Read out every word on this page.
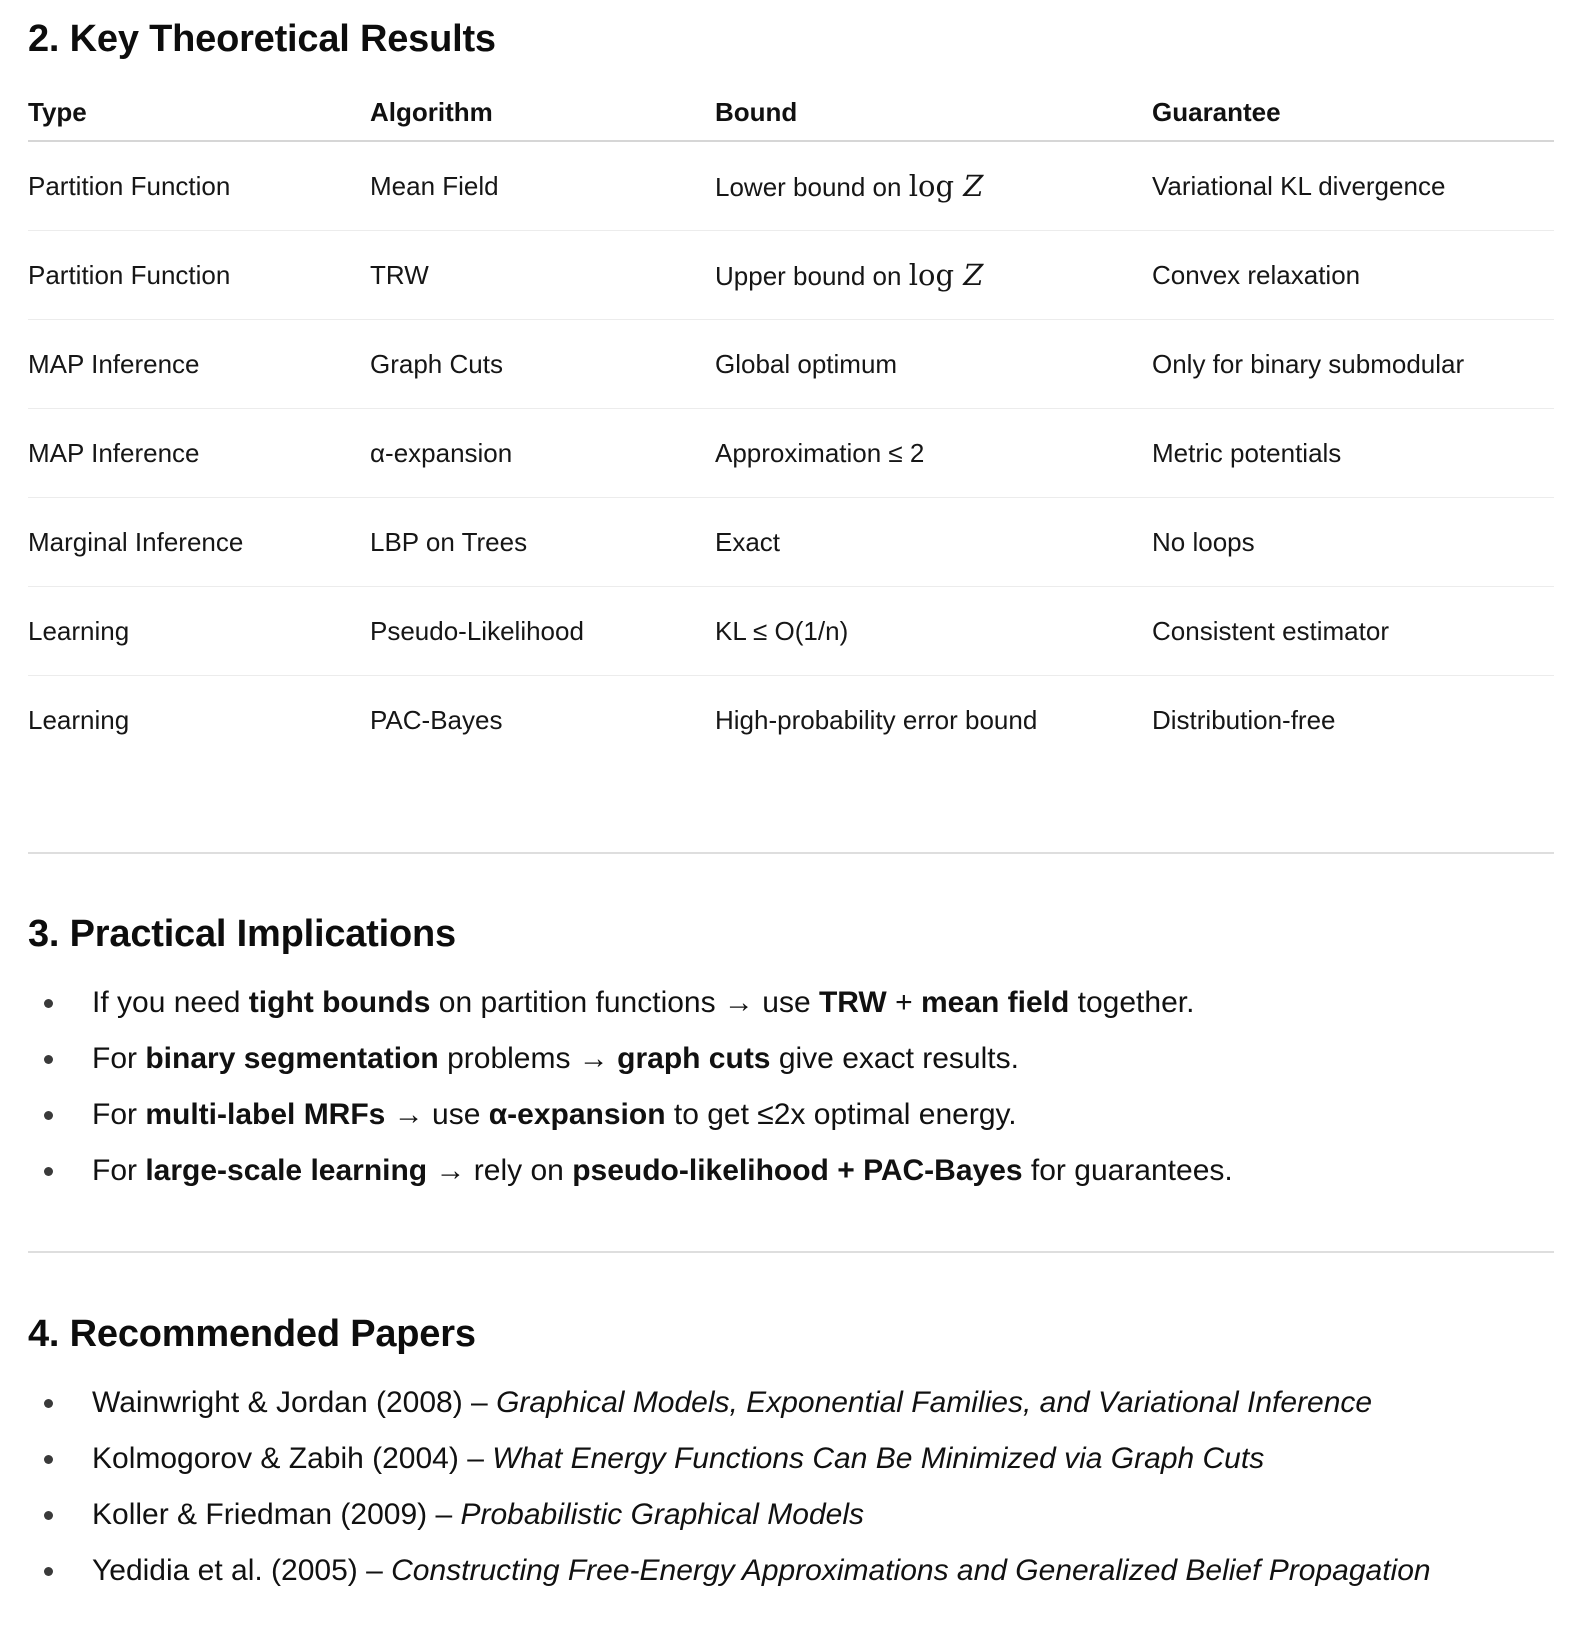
2. Key Theoretical Results
Type	Algorithm	Bound	Guarantee
Partition Function	Mean Field	Lower bound on log Z	Variational KL divergence
Partition Function	TRW	Upper bound on log Z	Convex relaxation
MAP Inference	Graph Cuts	Global optimum	Only for binary submodular
MAP Inference	α-expansion	Approximation ≤ 2	Metric potentials
Marginal Inference	LBP on Trees	Exact	No loops
Learning	Pseudo-Likelihood	KL ≤ O(1/n)	Consistent estimator
Learning	PAC-Bayes	High-probability error bound	Distribution-free
3. Practical Implications
If you need tight bounds on partition functions → use TRW + mean field together.
For binary segmentation problems → graph cuts give exact results.
For multi-label MRFs → use α-expansion to get ≤2x optimal energy.
For large-scale learning → rely on pseudo-likelihood + PAC-Bayes for guarantees.
4. Recommended Papers
Wainwright & Jordan (2008) – Graphical Models, Exponential Families, and Variational Inference
Kolmogorov & Zabih (2004) – What Energy Functions Can Be Minimized via Graph Cuts
Koller & Friedman (2009) – Probabilistic Graphical Models
Yedidia et al. (2005) – Constructing Free-Energy Approximations and Generalized Belief Propagation
